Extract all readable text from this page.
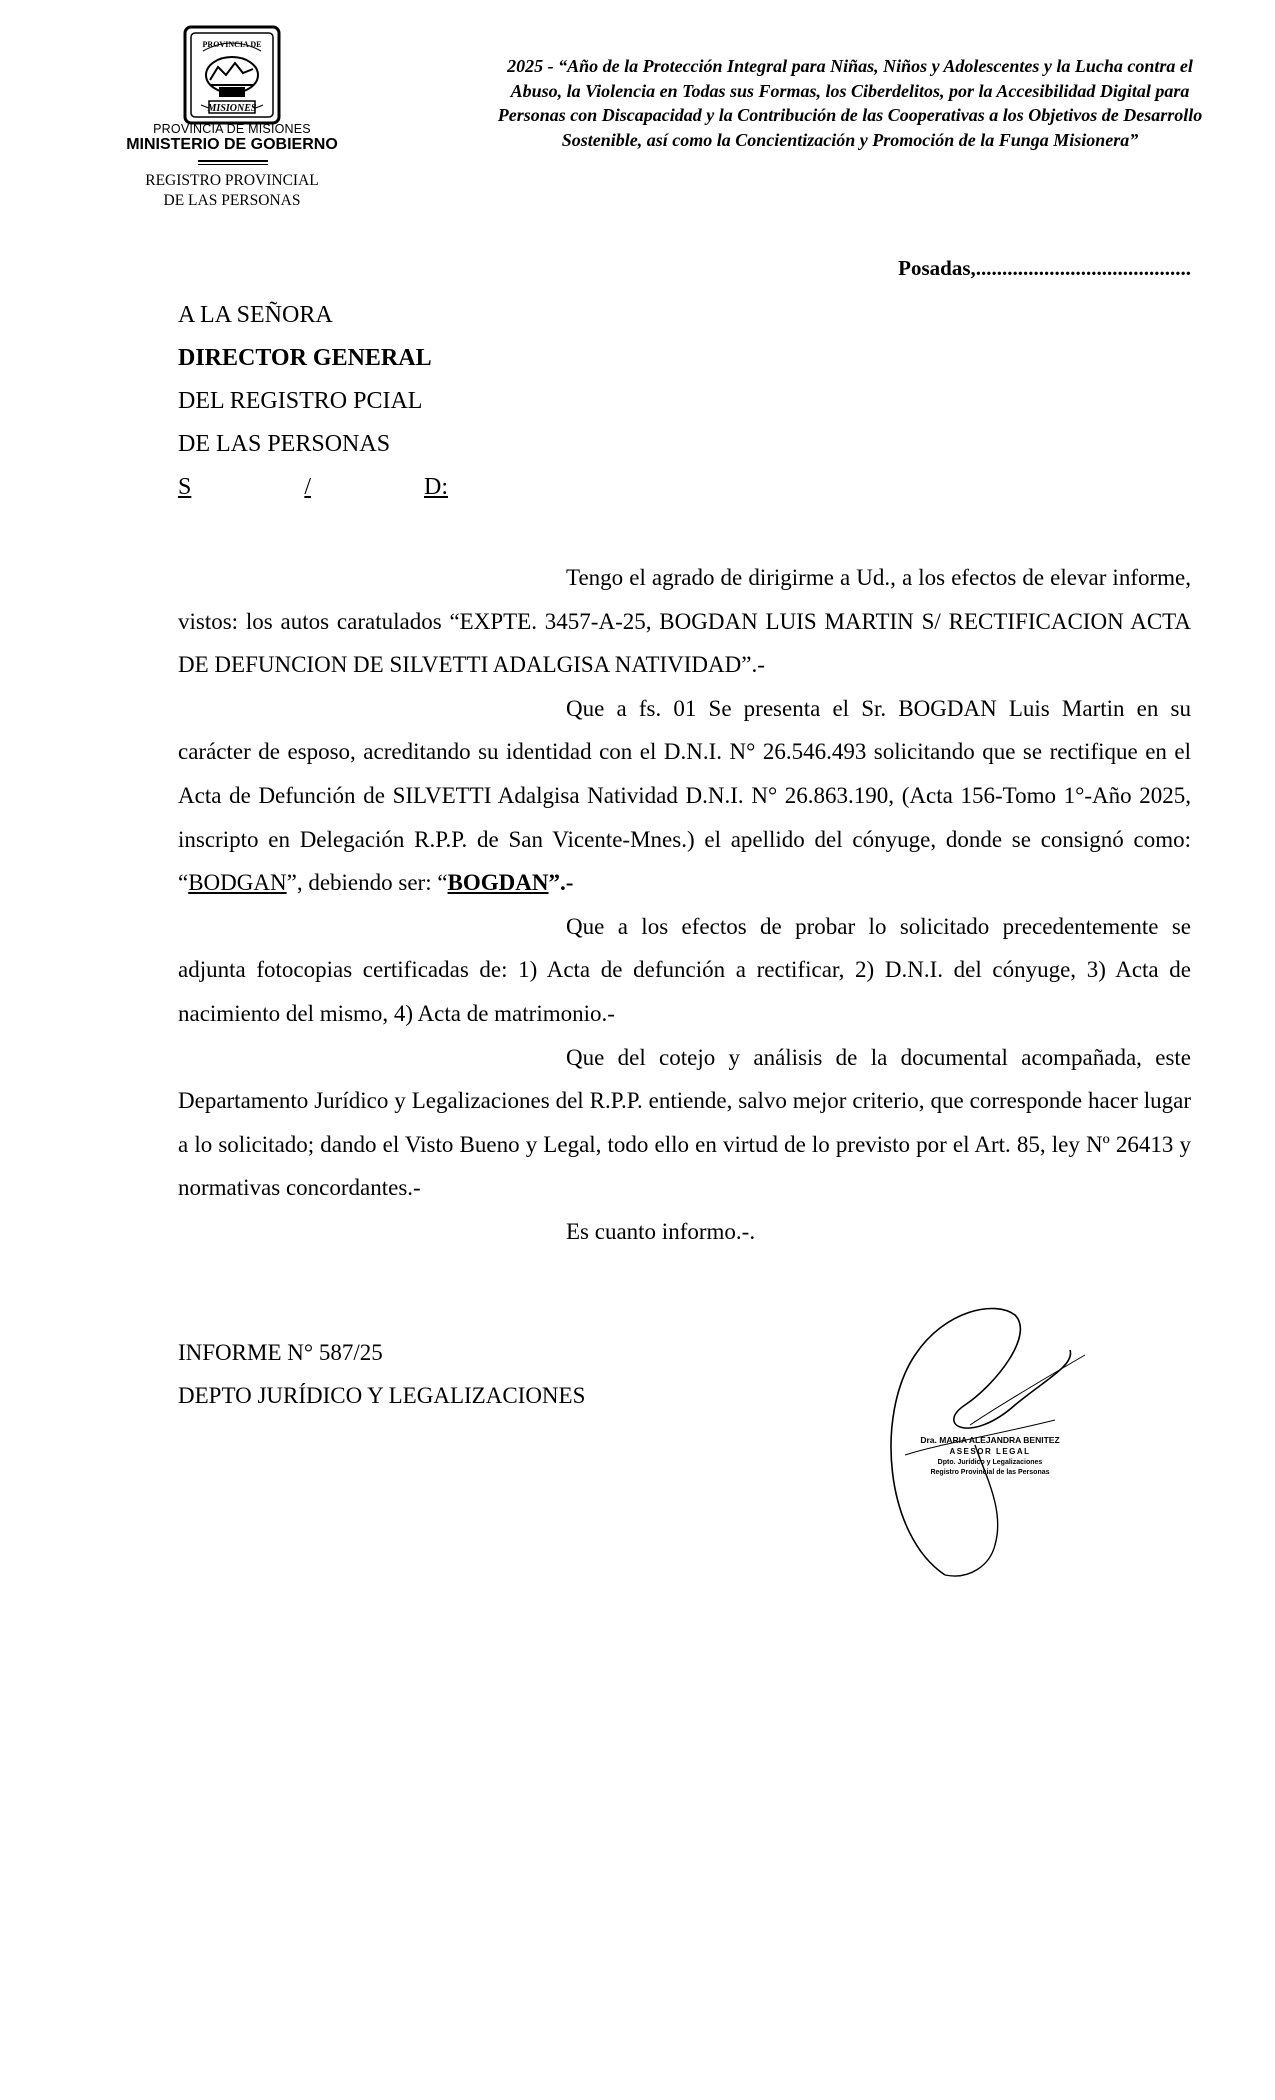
PROVINCIA DE
MISIONES
PROVINCIA DE MISIONES
MINISTERIO DE GOBIERNO
REGISTRO PROVINCIAL
DE LAS PERSONAS
2025 - “Año de la Protección Integral para Niñas, Niños y Adolescentes y la Lucha contra el Abuso, la Violencia en Todas sus Formas, los Ciberdelitos, por la Accesibilidad Digital para Personas con Discapacidad y la Contribución de las Cooperativas a los Objetivos de Desarrollo Sostenible, así como la Concientización y Promoción de la Funga Misionera”
Posadas,.........................................
A LA SEÑORA
DIRECTOR GENERAL
DEL REGISTRO PCIAL
DE LAS PERSONAS
S	/	D:

Tengo el agrado de dirigirme a Ud., a los efectos de elevar informe, vistos: los autos caratulados “EXPTE. 3457-A-25, BOGDAN LUIS MARTIN S/ RECTIFICACION ACTA DE DEFUNCION DE SILVETTI ADALGISA NATIVIDAD”.-

Que a fs. 01 Se presenta el Sr. BOGDAN Luis Martin en su carácter de esposo, acreditando su identidad con el D.N.I. N° 26.546.493 solicitando que se rectifique en el Acta de Defunción de SILVETTI Adalgisa Natividad D.N.I. N° 26.863.190, (Acta 156-Tomo 1°-Año 2025, inscripto en Delegación R.P.P. de San Vicente-Mnes.) el apellido del cónyuge, donde se consignó como: “BODGAN”, debiendo ser: “BOGDAN”.-

Que a los efectos de probar lo solicitado precedentemente se adjunta fotocopias certificadas de: 1) Acta de defunción a rectificar, 2) D.N.I. del cónyuge, 3) Acta de nacimiento del mismo, 4) Acta de matrimonio.-

Que del cotejo y análisis de la documental acompañada, este Departamento Jurídico y Legalizaciones del R.P.P. entiende, salvo mejor criterio, que corresponde hacer lugar a lo solicitado; dando el Visto Bueno y Legal, todo ello en virtud de lo previsto por el Art. 85, ley Nº 26413 y normativas concordantes.-

Es cuanto informo.-.

INFORME N° 587/25
DEPTO JURÍDICO Y LEGALIZACIONES
Dra. MARIA ALEJANDRA BENITEZ
ASESOR LEGAL
Dpto. Jurídico y Legalizaciones
Registro Provincial de las Personas
